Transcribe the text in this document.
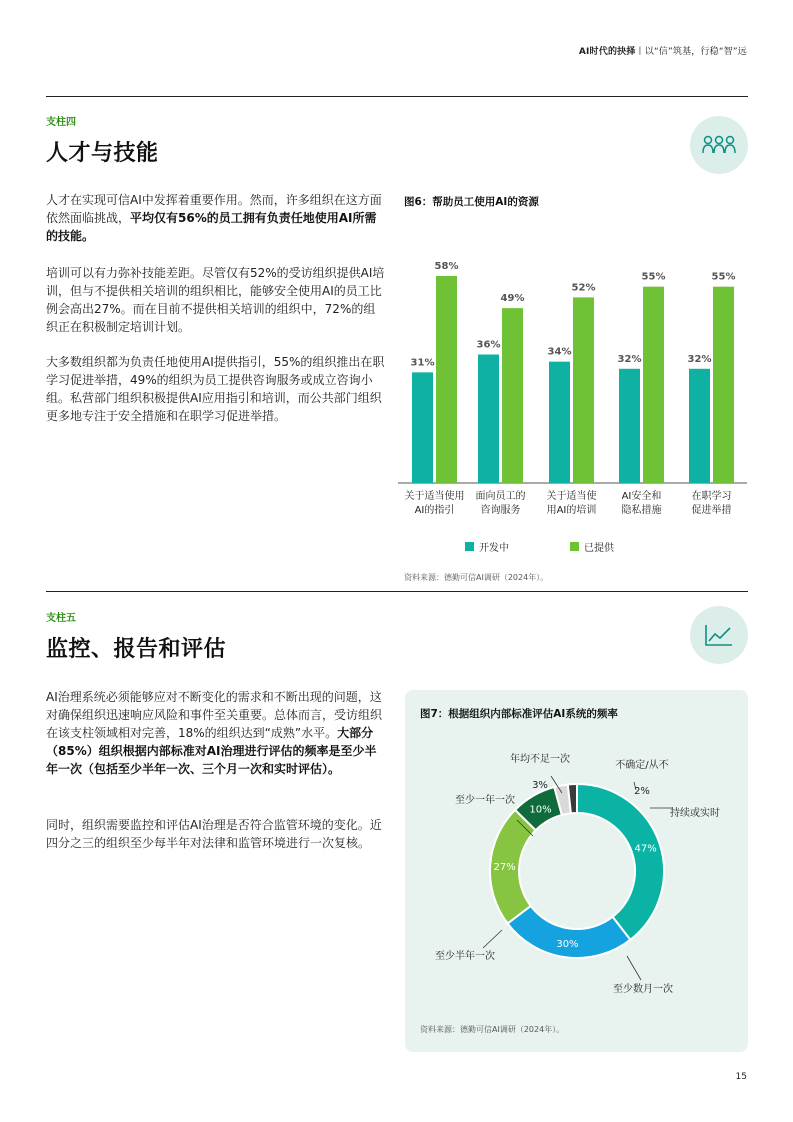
AI时代的抉择丨以“信”筑基，行稳“智”远
支柱四
人才与技能

人才在实现可信AI中发挥着重要作用。然而，许多组织在这方面依然面临挑战，平均仅有56%的员工拥有负责任地使用AI所需的技能。

培训可以有力弥补技能差距。尽管仅有52%的受访组织提供AI培训，但与不提供相关培训的组织相比，能够安全使用AI的员工比例会高出27%。而在目前不提供相关培训的组织中，72%的组织正在积极制定培训计划。

大多数组织都为负责任地使用AI提供指引，55%的组织推出在职学习促进举措，49%的组织为员工提供咨询服务或成立咨询小组。私营部门组织积极提供AI应用指引和培训，而公共部门组织更多地专注于安全措施和在职学习促进举措。

图6：帮助员工使用AI的资源
31%
58%
关于适当使用
AI的指引
36%
49%
面向员工的
咨询服务
34%
52%
关于适当使
用AI的培训
32%
55%
AI安全和
隐私措施
32%
55%
在职学习
促进举措
开发中	已提供
资料来源：德勤可信AI调研（2024年）。
支柱五
监控、报告和评估

AI治理系统必须能够应对不断变化的需求和不断出现的问题，这对确保组织迅速响应风险和事件至关重要。总体而言，受访组织在该支柱领域相对完善，18%的组织达到“成熟”水平。大部分（85%）组织根据内部标准对AI治理进行评估的频率是至少半年一次（包括至少半年一次、三个月一次和实时评估）。

同时，组织需要监控和评估AI治理是否符合监管环境的变化。近四分之三的组织至少每半年对法律和监管环境进行一次复核。

图7：根据组织内部标准评估AI系统的频率
47%
30%
27%
10%	持续或实时
至少数月一次
至少半年一次
至少一年一次
年均不足一次
3%
不确定/从不
2%
资料来源：德勤可信AI调研（2024年）。
15
